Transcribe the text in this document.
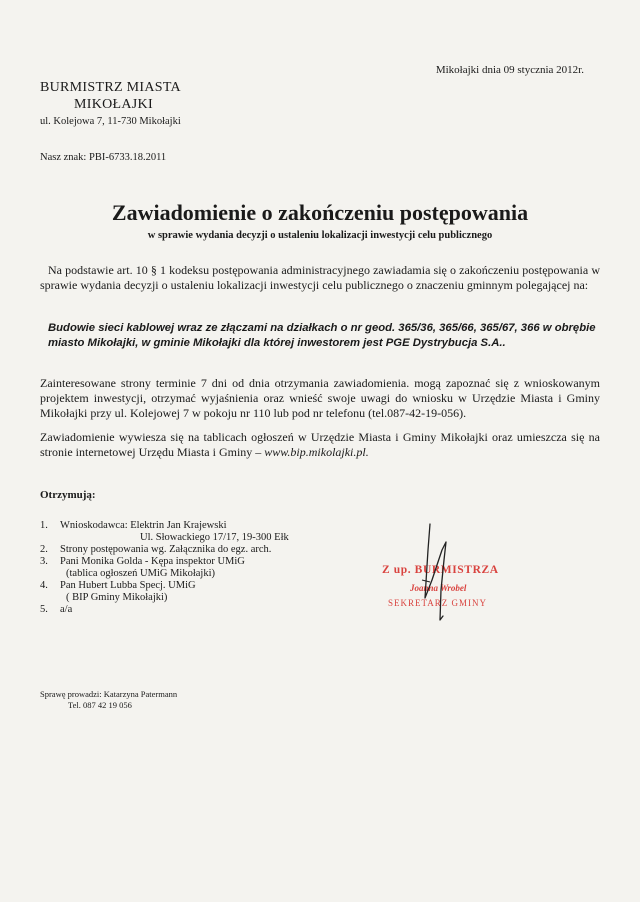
Mikołajki dnia 09 stycznia 2012r.
BURMISTRZ MIASTA
MIKOŁAJKI
ul. Kolejowa 7, 11-730 Mikołajki
Nasz znak: PBI-6733.18.2011
Zawiadomienie o zakończeniu postępowania
w sprawie wydania decyzji o ustaleniu lokalizacji inwestycji celu publicznego
Na podstawie art. 10 § 1 kodeksu postępowania administracyjnego zawiadamia się o zakończeniu postępowania w sprawie wydania decyzji o ustaleniu lokalizacji inwestycji celu publicznego o znaczeniu gminnym polegającej na:
Budowie sieci kablowej wraz ze złączami na działkach o nr geod. 365/36, 365/66, 365/67, 366 w obrębie miasto Mikołajki, w gminie Mikołajki dla której inwestorem jest PGE Dystrybucja S.A..
Zainteresowane strony terminie 7 dni od dnia otrzymania zawiadomienia. mogą zapoznać się z wnioskowanym projektem inwestycji, otrzymać wyjaśnienia oraz wnieść swoje uwagi do wniosku w Urzędzie Miasta i Gminy Mikołajki przy ul. Kolejowej 7 w pokoju nr 110 lub pod nr telefonu (tel.087-42-19-056).
Zawiadomienie wywiesza się na tablicach ogłoszeń w Urzędzie Miasta i Gminy Mikołajki oraz umieszcza się na stronie internetowej Urzędu Miasta i Gminy – www.bip.mikolajki.pl.
Otrzymują:
1.	Wnioskodawca: Elektrin Jan Krajewski
Ul. Słowackiego 17/17, 19-300 Ełk
2.	Strony postępowania wg. Załącznika do egz. arch.
3.	Pani Monika Golda - Kępa inspektor UMiG
(tablica ogłoszeń UMiG Mikołajki)
4.	Pan Hubert Lubba Specj. UMiG
( BIP Gminy Mikołajki)
5.	a/a
Z up. BURMISTRZA
Joanna Wrobel
SEKRETARZ GMINY
Sprawę prowadzi: Katarzyna Patermann
Tel. 087 42 19 056
